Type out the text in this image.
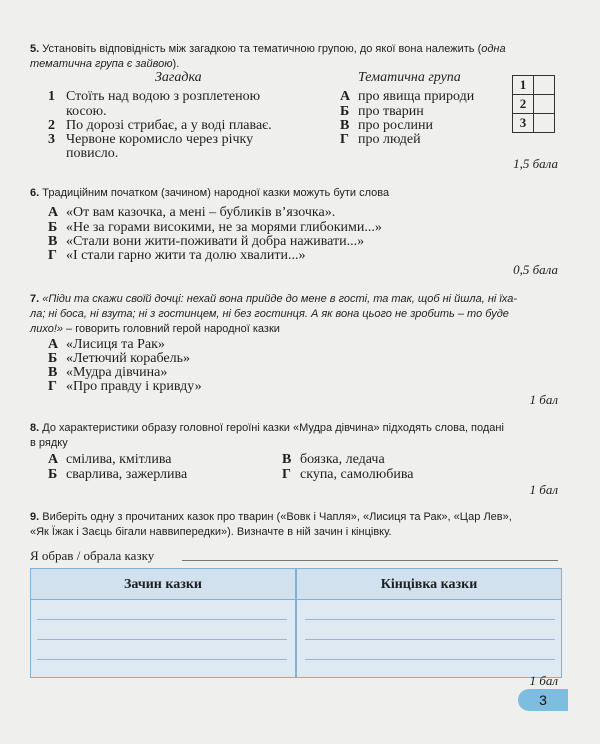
5. Установіть відповідність між загадкою та тематичною групою, до якої вона належить (одна тематична група є зайвою).
Загадка	Тематична група
1 Стоїть над водою з розплетеною
косою.
2 По дорозі стрибає, а у воді плаває.
3 Червоне коромисло через річку
повисло.
А про явища природи
Б про тварин
В про рослини
Г про людей
1	
2	
3	
1,5 бала
6. Традиційним початком (зачином) народної казки можуть бути слова
А «От вам казочка, а мені – бубликів в’язочка».
Б «Не за горами високими, не за морями глибокими...»
В «Стали вони жити-поживати й добра наживати...»
Г «І стали гарно жити та долю хвалити...»
0,5 бала
7. «Піди та скажи своїй дочці: нехай вона прийде до мене в гості, та так, щоб ні йшла, ні їха-
ла; ні боса, ні взута; ні з гостинцем, ні без гостинця. А як вона цього не зробить – то буде
лихо!» – говорить головний герой народної казки
А «Лисиця та Рак»
Б «Летючий корабель»
В «Мудра дівчина»
Г «Про правду і кривду»
1 бал
8. До характеристики образу головної героїні казки «Мудра дівчина» підходять слова, подані
в рядку
А смілива, кмітлива
Б сварлива, зажерлива
В боязка, ледача
Г скупа, самолюбива
1 бал
9. Виберіть одну з прочитаних казок про тварин («Вовк і Чапля», «Лисиця та Рак», «Цар Лев»,
«Як Їжак і Заєць бігали наввипередки»). Визначте в ній зачин і кінцівку.
Я обрав / обрала казку
Зачин казки	Кінцівка казки
1 бал
3
